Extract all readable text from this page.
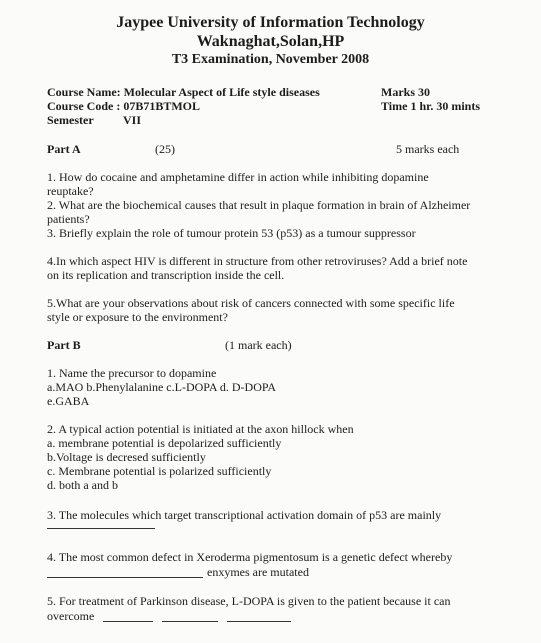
Jaypee University of Information Technology
Waknaghat,Solan,HP
T3 Examination, November 2008
Course Name: Molecular Aspect of Life style diseases	Marks 30
Course Code : 07B71BTMOL	Time 1 hr. 30 mints
Semester VII
Part A	(25)	5 marks each
1. How do cocaine and amphetamine differ in action while inhibiting dopamine
reuptake?
2. What are the biochemical causes that result in plaque formation in brain of Alzheimer
patients?
3. Briefly explain the role of tumour protein 53 (p53) as a tumour suppressor
4.In which aspect HIV is different in structure from other retroviruses? Add a brief note
on its replication and transcription inside the cell.
5.What are your observations about risk of cancers connected with some specific life
style or exposure to the environment?
Part B	(1 mark each)
1. Name the precursor to dopamine
a.MAO b.Phenylalanine c.L-DOPA d. D-DOPA
e.GABA
2. A typical action potential is initiated at the axon hillock when
a. membrane potential is depolarized sufficiently
b.Voltage is decresed sufficiently
c. Membrane potential is polarized sufficiently
d. both a and b
3. The molecules which target transcriptional activation domain of p53 are mainly
4. The most common defect in Xeroderma pigmentosum is a genetic defect whereby
enxymes are mutated
5. For treatment of Parkinson disease, L-DOPA is given to the patient because it can
overcome
